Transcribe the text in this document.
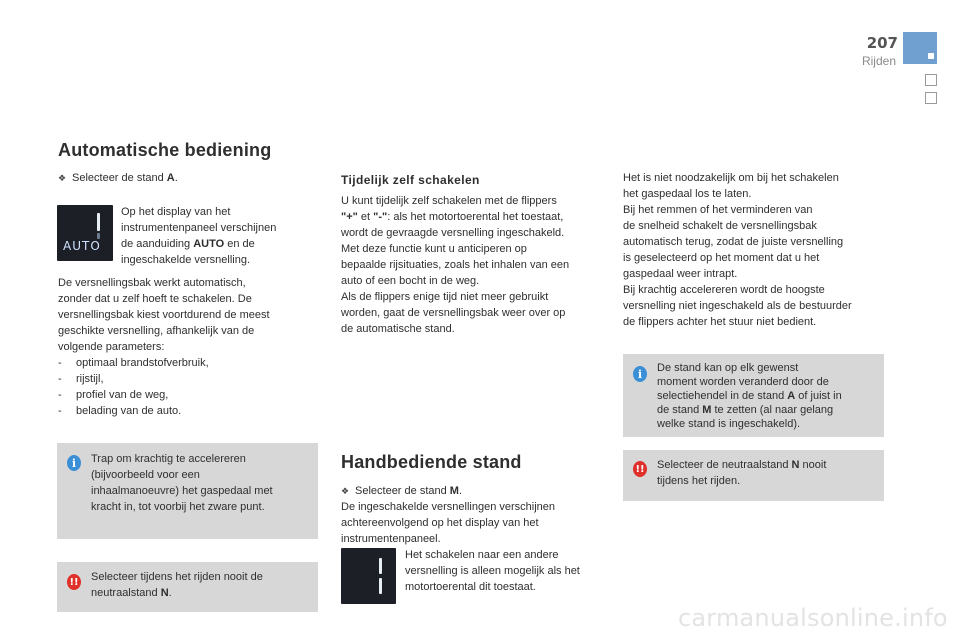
207
Rijden
Automatische bediening
❖ Selecteer de stand A.
AUTO
Op het display van het
instrumentenpaneel verschijnen
de aanduiding AUTO en de
ingeschakelde versnelling.
De versnellingsbak werkt automatisch,
zonder dat u zelf hoeft te schakelen. De
versnellingsbak kiest voortdurend de meest
geschikte versnelling, afhankelijk van de
volgende parameters:
- optimaal brandstofverbruik,
- rijstijl,
- profiel van de weg,
- belading van de auto.
i	Trap om krachtig te accelereren
(bijvoorbeeld voor een
inhaalmanoeuvre) het gaspedaal met
kracht in, tot voorbij het zware punt.
!! Selecteer tijdens het rijden nooit de
neutraalstand N.
Tijdelijk zelf schakelen
U kunt tijdelijk zelf schakelen met de flippers
"+" et "-": als het motortoerental het toestaat,
wordt de gevraagde versnelling ingeschakeld.
Met deze functie kunt u anticiperen op
bepaalde rijsituaties, zoals het inhalen van een
auto of een bocht in de weg.
Als de flippers enige tijd niet meer gebruikt
worden, gaat de versnellingsbak weer over op
de automatische stand.
Handbediende stand
❖ Selecteer de stand M.
De ingeschakelde versnellingen verschijnen
achtereenvolgend op het display van het
instrumentenpaneel.
Het schakelen naar een andere
versnelling is alleen mogelijk als het
motortoerental dit toestaat.
Het is niet noodzakelijk om bij het schakelen
het gaspedaal los te laten.
Bij het remmen of het verminderen van
de snelheid schakelt de versnellingsbak
automatisch terug, zodat de juiste versnelling
is geselecteerd op het moment dat u het
gaspedaal weer intrapt.
Bij krachtig accelereren wordt de hoogste
versnelling niet ingeschakeld als de bestuurder
de flippers achter het stuur niet bedient.
i	De stand kan op elk gewenst
moment worden veranderd door de
selectiehendel in de stand A of juist in
de stand M te zetten (al naar gelang
welke stand is ingeschakeld).
!! Selecteer de neutraalstand N nooit
tijdens het rijden.
carmanualsonline.info
